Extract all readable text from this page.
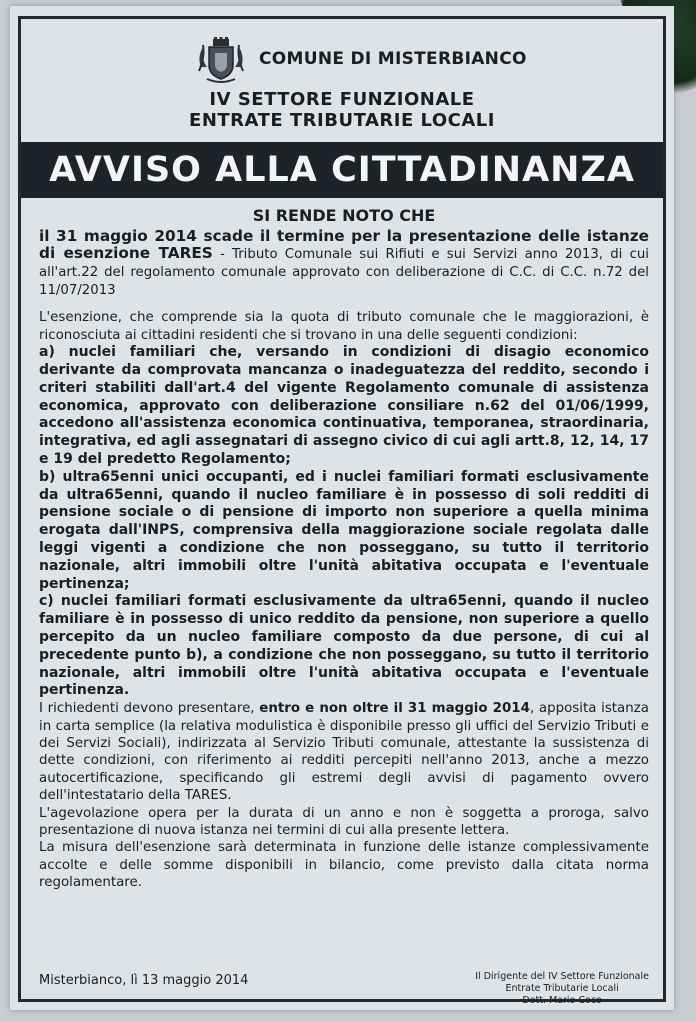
COMUNE DI MISTERBIANCO
IV SETTORE FUNZIONALE
ENTRATE TRIBUTARIE LOCALI
AVVISO ALLA CITTADINANZA
SI RENDE NOTO CHE

il 31 maggio 2014 scade il termine per la presentazione delle istanze di esenzione TARES - Tributo Comunale sui Rifiuti e sui Servizi anno 2013, di cui all'art.22 del regolamento comunale approvato con deliberazione di C.C. di C.C. n.72 del 11/07/2013

L'esenzione, che comprende sia la quota di tributo comunale che le maggiorazioni, è riconosciuta ai cittadini residenti che si trovano in una delle seguenti condizioni:

a) nuclei familiari che, versando in condizioni di disagio economico derivante da comprovata mancanza o inadeguatezza del reddito, secondo i criteri stabiliti dall'art.4 del vigente Regolamento comunale di assistenza economica, approvato con deliberazione consiliare n.62 del 01/06/1999, accedono all'assistenza economica continuativa, temporanea, straordinaria, integrativa, ed agli assegnatari di assegno civico di cui agli artt.8, 12, 14, 17 e 19 del predetto Regolamento;

b) ultra65enni unici occupanti, ed i nuclei familiari formati esclusivamente da ultra65enni, quando il nucleo familiare è in possesso di soli redditi di pensione sociale o di pensione di importo non superiore a quella minima erogata dall'INPS, comprensiva della maggiorazione sociale regolata dalle leggi vigenti a condizione che non posseggano, su tutto il territorio nazionale, altri immobili oltre l'unità abitativa occupata e l'eventuale pertinenza;

c) nuclei familiari formati esclusivamente da ultra65enni, quando il nucleo familiare è in possesso di unico reddito da pensione, non superiore a quello percepito da un nucleo familiare composto da due persone, di cui al precedente punto b), a condizione che non posseggano, su tutto il territorio nazionale, altri immobili oltre l'unità abitativa occupata e l'eventuale pertinenza.

I richiedenti devono presentare, entro e non oltre il 31 maggio 2014, apposita istanza in carta semplice (la relativa modulistica è disponibile presso gli uffici del Servizio Tributi e dei Servizi Sociali), indirizzata al Servizio Tributi comunale, attestante la sussistenza di dette condizioni, con riferimento ai redditi percepiti nell'anno 2013, anche a mezzo autocertificazione, specificando gli estremi degli avvisi di pagamento ovvero dell'intestatario della TARES.

L'agevolazione opera per la durata di un anno e non è soggetta a proroga, salvo presentazione di nuova istanza nei termini di cui alla presente lettera.

La misura dell'esenzione sarà determinata in funzione delle istanze complessivamente accolte e delle somme disponibili in bilancio, come previsto dalla citata norma regolamentare.

Misterbianco, lì 13 maggio 2014	Il Dirigente del IV Settore Funzionale
Entrate Tributarie Locali
Dott. Mario Coco
